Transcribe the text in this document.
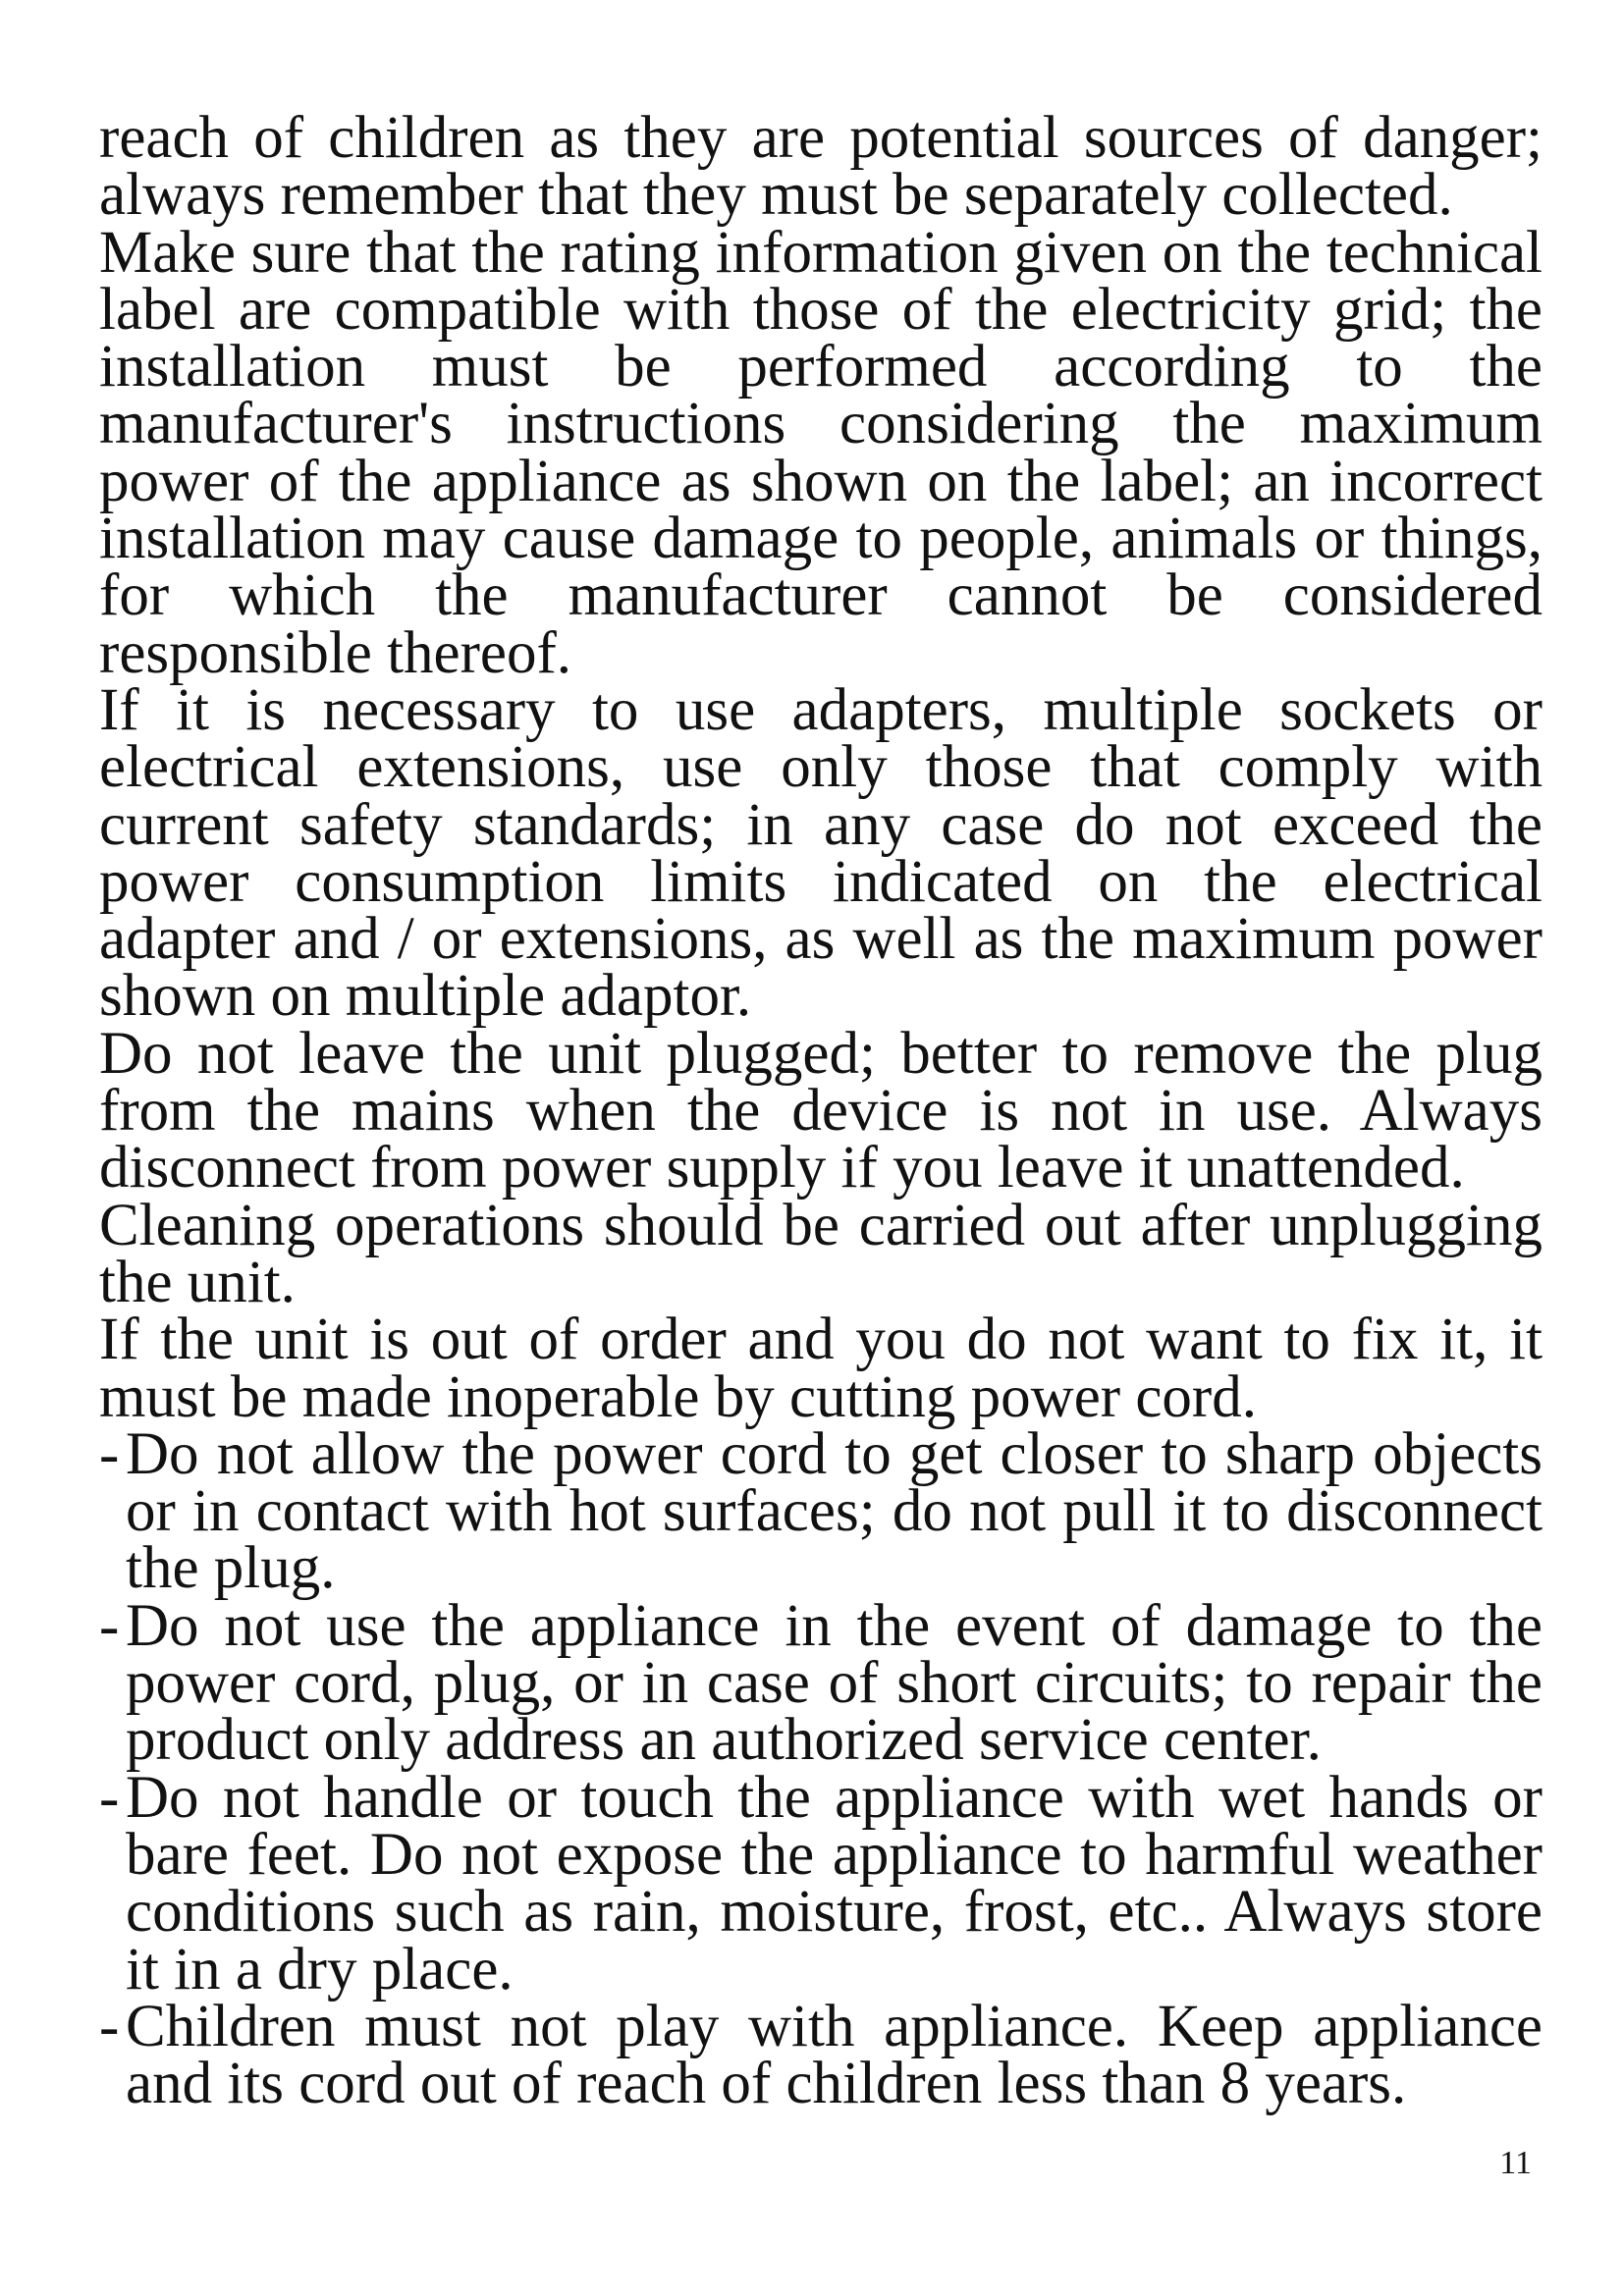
reach of children as they are potential sources of danger; always remember that they must be separately collected.

Make sure that the rating information given on the technical label are compatible with those of the electricity grid; the installation must be performed according to the manufacturer's instructions considering the maximum power of the appliance as shown on the label; an incorrect installation may cause damage to people, animals or things, for which the manufacturer cannot be considered responsible thereof.

If it is necessary to use adapters, multiple sockets or electrical extensions, use only those that comply with current safety standards; in any case do not exceed the power consumption limits indicated on the electrical adapter and / or extensions, as well as the maximum power shown on multiple adaptor.

Do not leave the unit plugged; better to remove the plug from the mains when the device is not in use. Always disconnect from power supply if you leave it unattended.

Cleaning operations should be carried out after unplugging the unit.

If the unit is out of order and you do not want to fix it, it must be made inoperable by cutting power cord.

- Do not allow the power cord to get closer to sharp objects or in contact with hot surfaces; do not pull it to disconnect the plug.
- Do not use the appliance in the event of damage to the power cord, plug, or in case of short circuits; to repair the product only address an authorized service center.
- Do not handle or touch the appliance with wet hands or bare feet. Do not expose the appliance to harmful weather conditions such as rain, moisture, frost, etc.. Always store it in a dry place.
- Children must not play with appliance. Keep appliance and its cord out of reach of children less than 8 years.
11
